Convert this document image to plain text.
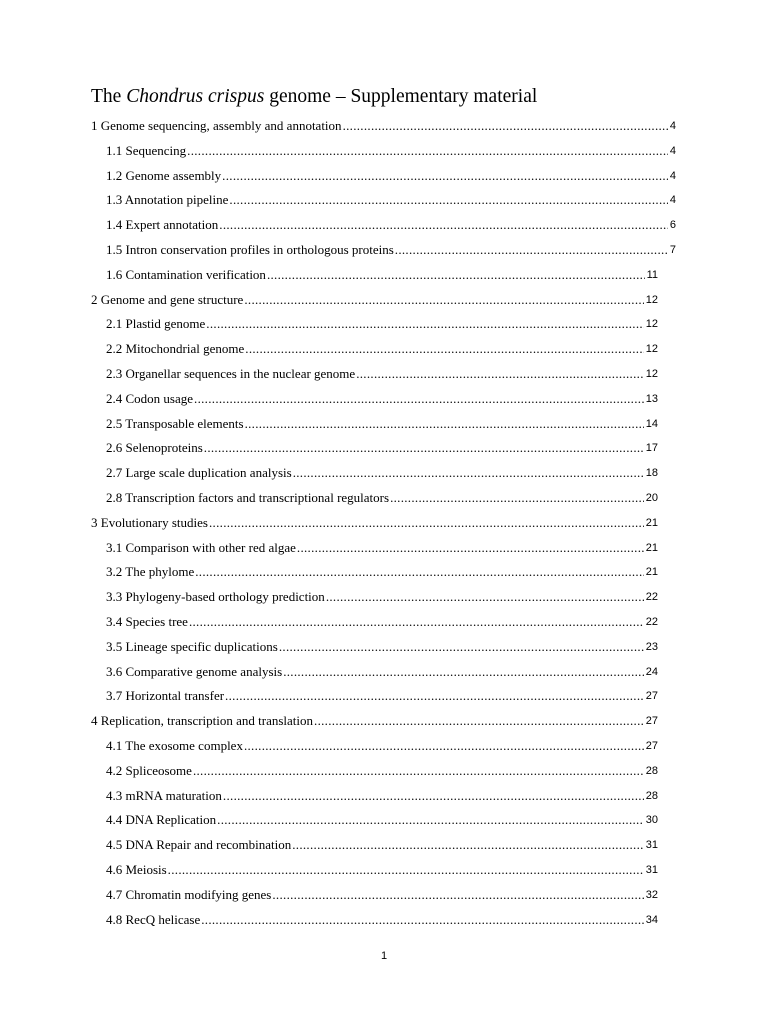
The Chondrus crispus genome – Supplementary material
1 Genome sequencing, assembly and annotation .....	4
1.1 Sequencing .....	4
1.2 Genome assembly .....	4
1.3 Annotation pipeline .....	4
1.4 Expert annotation .....	6
1.5 Intron conservation profiles in orthologous proteins .....	7
1.6 Contamination verification .....	11
2 Genome and gene structure .....	12
2.1 Plastid genome .....	12
2.2 Mitochondrial genome .....	12
2.3 Organellar sequences in the nuclear genome .....	12
2.4 Codon usage .....	13
2.5 Transposable elements .....	14
2.6 Selenoproteins .....	17
2.7 Large scale duplication analysis .....	18
2.8 Transcription factors and transcriptional regulators .....	20
3 Evolutionary studies .....	21
3.1 Comparison with other red algae .....	21
3.2 The phylome .....	21
3.3 Phylogeny-based orthology prediction .....	22
3.4 Species tree .....	22
3.5 Lineage specific duplications .....	23
3.6 Comparative genome analysis .....	24
3.7 Horizontal transfer .....	27
4 Replication, transcription and translation .....	27
4.1 The exosome complex .....	27
4.2 Spliceosome .....	28
4.3 mRNA maturation .....	28
4.4 DNA Replication .....	30
4.5 DNA Repair and recombination .....	31
4.6 Meiosis .....	31
4.7 Chromatin modifying genes .....	32
4.8 RecQ helicase .....	34
1
